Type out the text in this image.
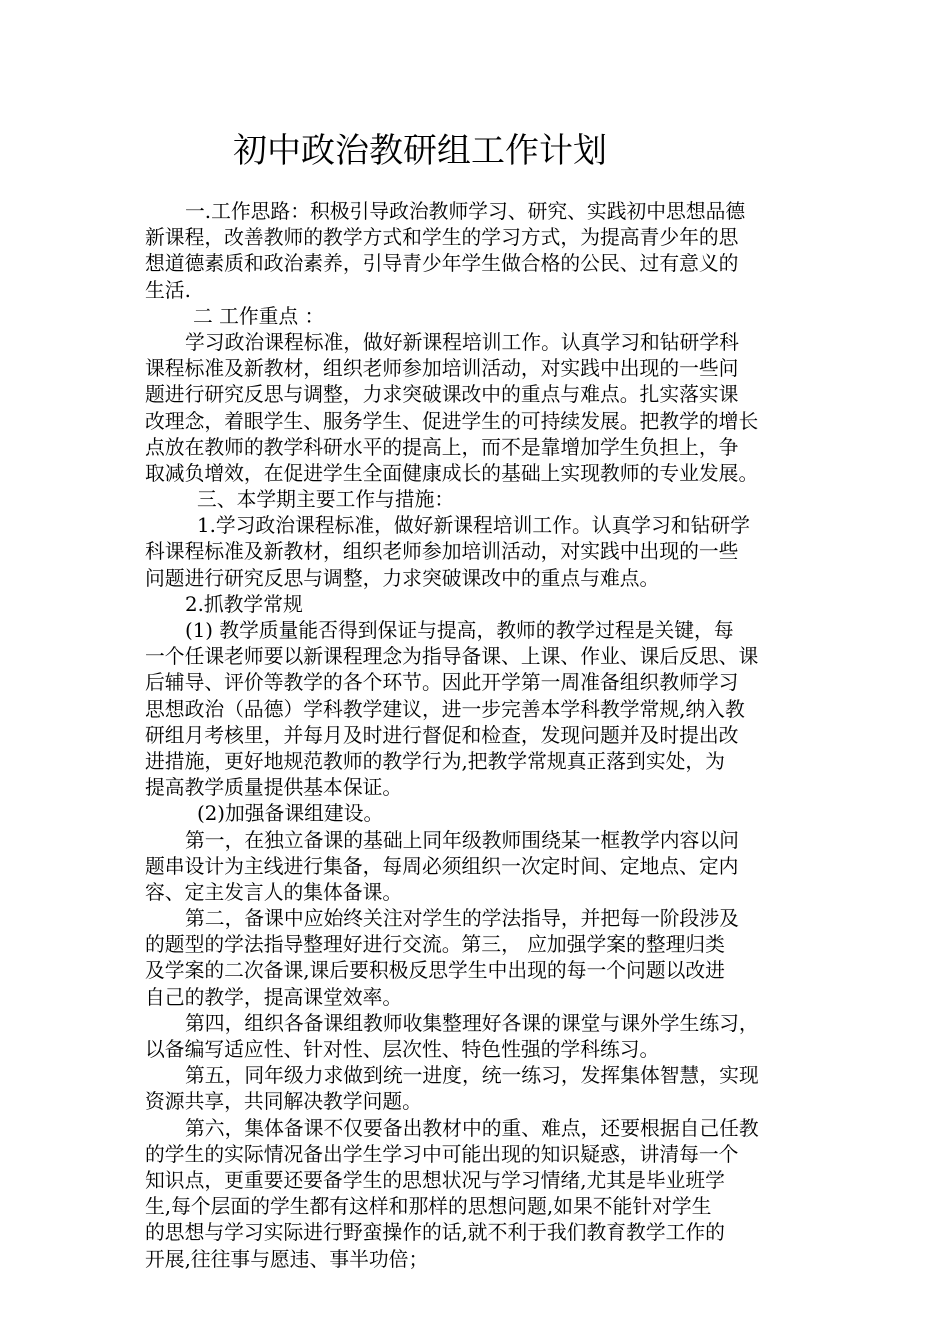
初中政治教研组工作计划
一.工作思路：积极引导政治教师学习、研究、实践初中思想品德
新课程，改善教师的教学方式和学生的学习方式，为提高青少年的思
想道德素质和政治素养，引导青少年学生做合格的公民、过有意义的
生活.
二 工作重点 ：
学习政治课程标准，做好新课程培训工作。认真学习和钻研学科
课程标准及新教材，组织老师参加培训活动，对实践中出现的一些问
题进行研究反思与调整，力求突破课改中的重点与难点。扎实落实课
改理念，着眼学生、服务学生、促进学生的可持续发展。把教学的增长
点放在教师的教学科研水平的提高上，而不是靠增加学生负担上，争
取减负增效，在促进学生全面健康成长的基础上实现教师的专业发展。
三、本学期主要工作与措施：
1.学习政治课程标准，做好新课程培训工作。认真学习和钻研学
科课程标准及新教材，组织老师参加培训活动，对实践中出现的一些
问题进行研究反思与调整，力求突破课改中的重点与难点。
2.抓教学常规
(1) 教学质量能否得到保证与提高，教师的教学过程是关键，每
一个任课老师要以新课程理念为指导备课、上课、作业、课后反思、课
后辅导、评价等教学的各个环节。因此开学第一周准备组织教师学习
思想政治（品德）学科教学建议，进一步完善本学科教学常规,纳入教
研组月考核里，并每月及时进行督促和检查，发现问题并及时提出改
进措施，更好地规范教师的教学行为,把教学常规真正落到实处，为
提高教学质量提供基本保证。
(2)加强备课组建设。
第一，在独立备课的基础上同年级教师围绕某一框教学内容以问
题串设计为主线进行集备，每周必须组织一次定时间、定地点、定内
容、定主发言人的集体备课。
第二，备课中应始终关注对学生的学法指导，并把每一阶段涉及
的题型的学法指导整理好进行交流。第三， 应加强学案的整理归类
及学案的二次备课,课后要积极反思学生中出现的每一个问题以改进
自己的教学，提高课堂效率。
第四，组织各备课组教师收集整理好各课的课堂与课外学生练习，
以备编写适应性、针对性、层次性、特色性强的学科练习。
第五，同年级力求做到统一进度，统一练习，发挥集体智慧，实现
资源共享，共同解决教学问题。
第六，集体备课不仅要备出教材中的重、难点，还要根据自己任教
的学生的实际情况备出学生学习中可能出现的知识疑惑，讲清每一个
知识点，更重要还要备学生的思想状况与学习情绪,尤其是毕业班学
生,每个层面的学生都有这样和那样的思想问题,如果不能针对学生
的思想与学习实际进行野蛮操作的话,就不利于我们教育教学工作的
开展,往往事与愿违、事半功倍；
